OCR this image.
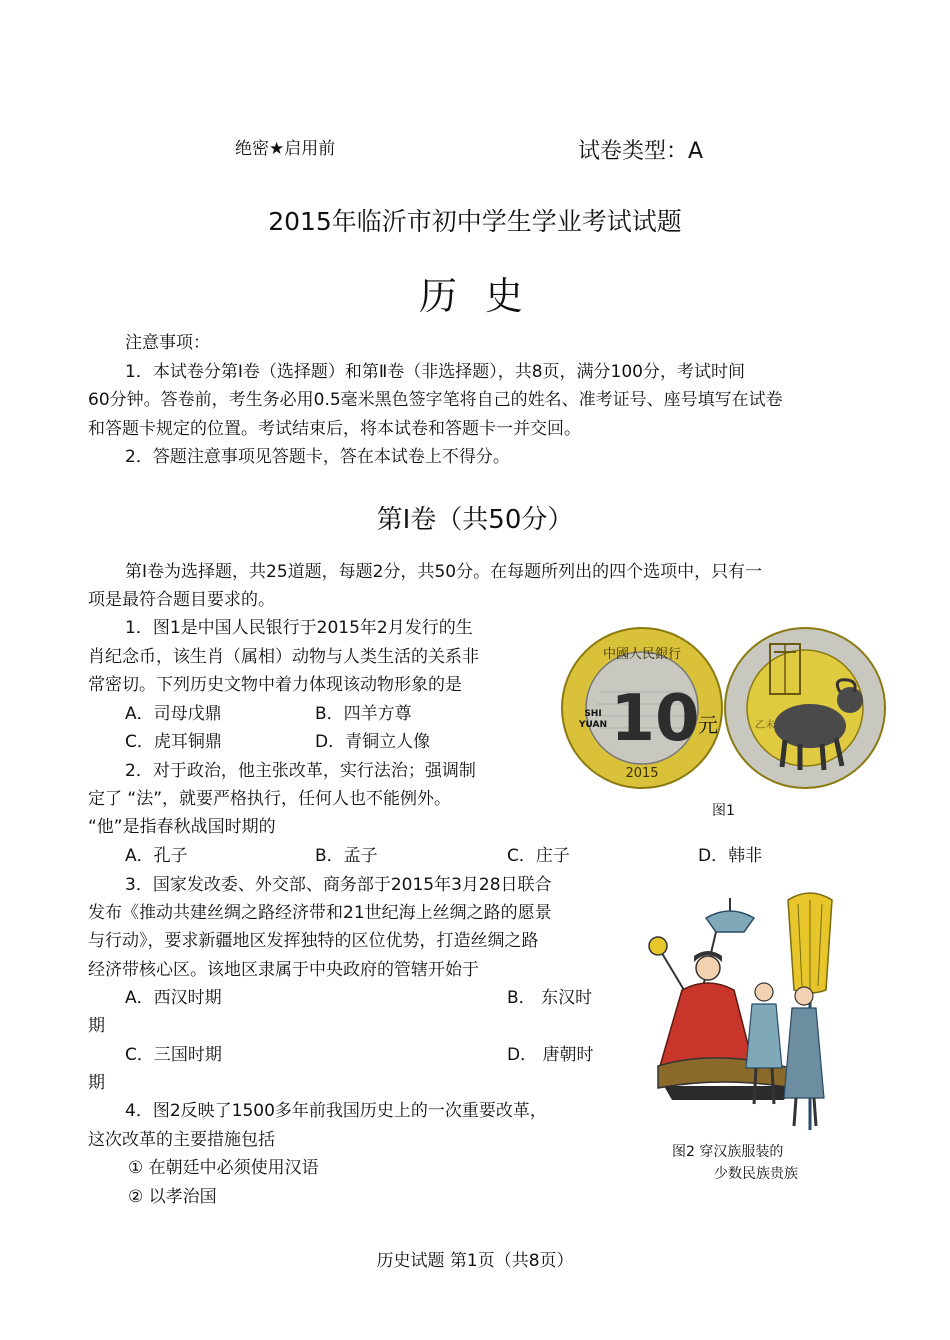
绝密★启用前	试卷类型：A
2015年临沂市初中学生学业考试试题
历 史
注意事项：
1．本试卷分第Ⅰ卷（选择题）和第Ⅱ卷（非选择题），共8页，满分100分，考试时间
60分钟。答卷前，考生务必用0.5毫米黑色签字笔将自己的姓名、准考证号、座号填写在试卷
和答题卡规定的位置。考试结束后，将本试卷和答题卡一并交回。
2．答题注意事项见答题卡，答在本试卷上不得分。
第Ⅰ卷（共50分）
第Ⅰ卷为选择题，共25道题，每题2分，共50分。在每题所列出的四个选项中，只有一
项是最符合题目要求的。
1．图1是中国人民银行于2015年2月发行的生
肖纪念币，该生肖（属相）动物与人类生活的关系非
常密切。下列历史文物中着力体现该动物形象的是
A．司母戊鼎	B．四羊方尊
C．虎耳铜鼎	D．青铜立人像
2．对于政治，他主张改革，实行法治；强调制
定了 “法”，就要严格执行，任何人也不能例外。
“他”是指春秋战国时期的
A．孔子	B．孟子	C．庄子	D．韩非
3．国家发改委、外交部、商务部于2015年3月28日联合
发布《推动共建丝绸之路经济带和21世纪海上丝绸之路的愿景
与行动》，要求新疆地区发挥独特的区位优势，打造丝绸之路
经济带核心区。该地区隶属于中央政府的管辖开始于
A．西汉时期	B． 东汉时
期
C．三国时期	D． 唐朝时
期
4．图2反映了1500多年前我国历史上的一次重要改革，
这次改革的主要措施包括
① 在朝廷中必须使用汉语
② 以孝治国
中國人民銀行
10
元
SHI
YUAN
2015
乙未
图1
图2 穿汉族服装的
少数民族贵族
历史试题 第1页（共8页）
